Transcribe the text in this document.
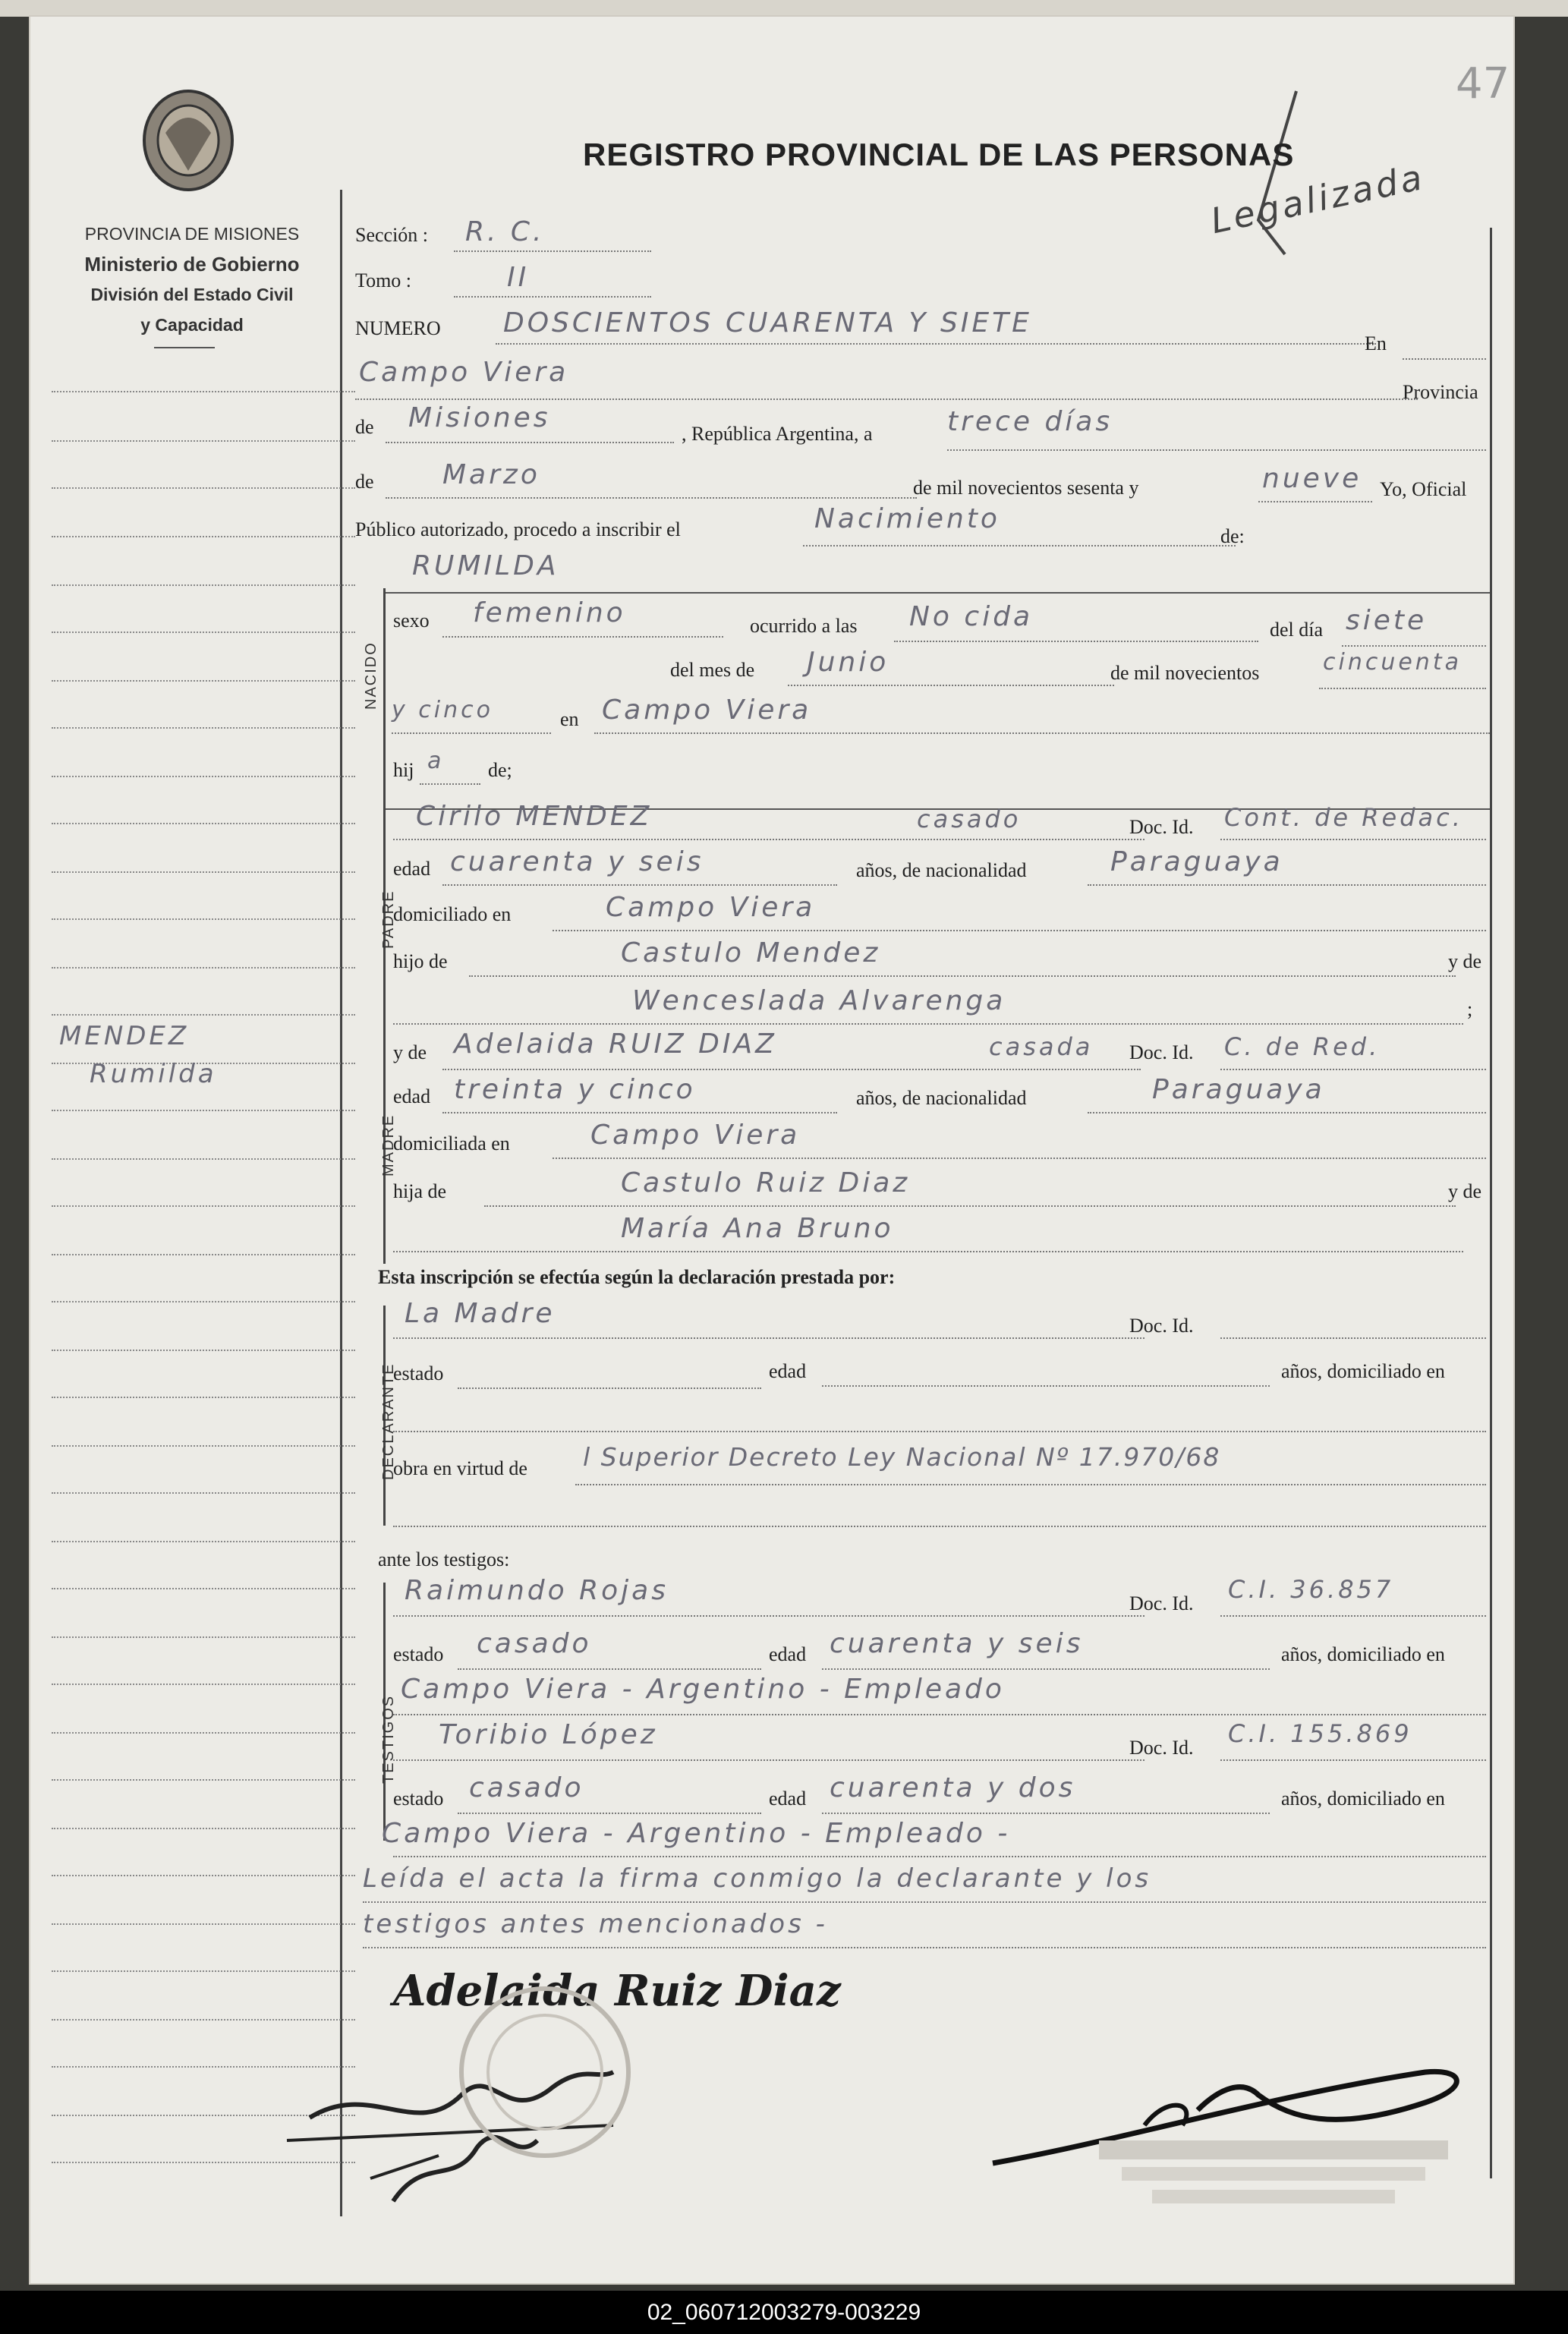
47
Legalizada
PROVINCIA DE MISIONES
Ministerio de Gobierno
División del Estado Civil
y Capacidad
REGISTRO PROVINCIAL DE LAS PERSONAS
MENDEZ
Rumilda
Sección : R. C.
Tomo :	II
NUMERO DOSCIENTOS CUARENTA Y SIETE
En
Campo Viera
Provincia
de Misiones
, República Argentina, a	trece días
de	Marzo	de mil novecientos sesenta y	nueve Yo, Oficial
Público autorizado, procedo a inscribir el	Nacimiento
de:
NACIDO
RUMILDA
sexo femenino	ocurrido a las No cida	del día siete
del mes de Junio	de mil novecientos	cincuenta
y cinco	en Campo Viera
hij a de;
PADRE
Cirilo MENDEZ	casado	Doc. Id. Cont. de Redac.
edad cuarenta y seis	años, de nacionalidad	Paraguaya
domiciliado en	Campo Viera
hijo de	Castulo Mendez	y de
Wenceslada Alvarenga	;
MADRE
y de Adelaida RUIZ DIAZ	casada Doc. Id. C. de Red.
edad treinta y cinco	años, de nacionalidad	Paraguaya
domiciliada en	Campo Viera
hija de	Castulo Ruiz Diaz	y de
María Ana Bruno
Esta inscripción se efectúa según la declaración prestada por:
DECLARANTE
La Madre	Doc. Id.
estado	edad	años, domiciliado en
obra en virtud de l Superior Decreto Ley Nacional Nº 17.970/68
ante los testigos:
TESTIGOS
Raimundo Rojas	Doc. Id. C.I. 36.857
estado casado	edad cuarenta y seis	años, domiciliado en
Campo Viera - Argentino - Empleado
Toribio López	Doc. Id. C.I. 155.869
estado casado	edad cuarenta y dos	años, domiciliado en
Campo Viera - Argentino - Empleado -
Leída el acta la firma conmigo la declarante y los
testigos antes mencionados -
Adelaida Ruiz Diaz
02_060712003279-003229
